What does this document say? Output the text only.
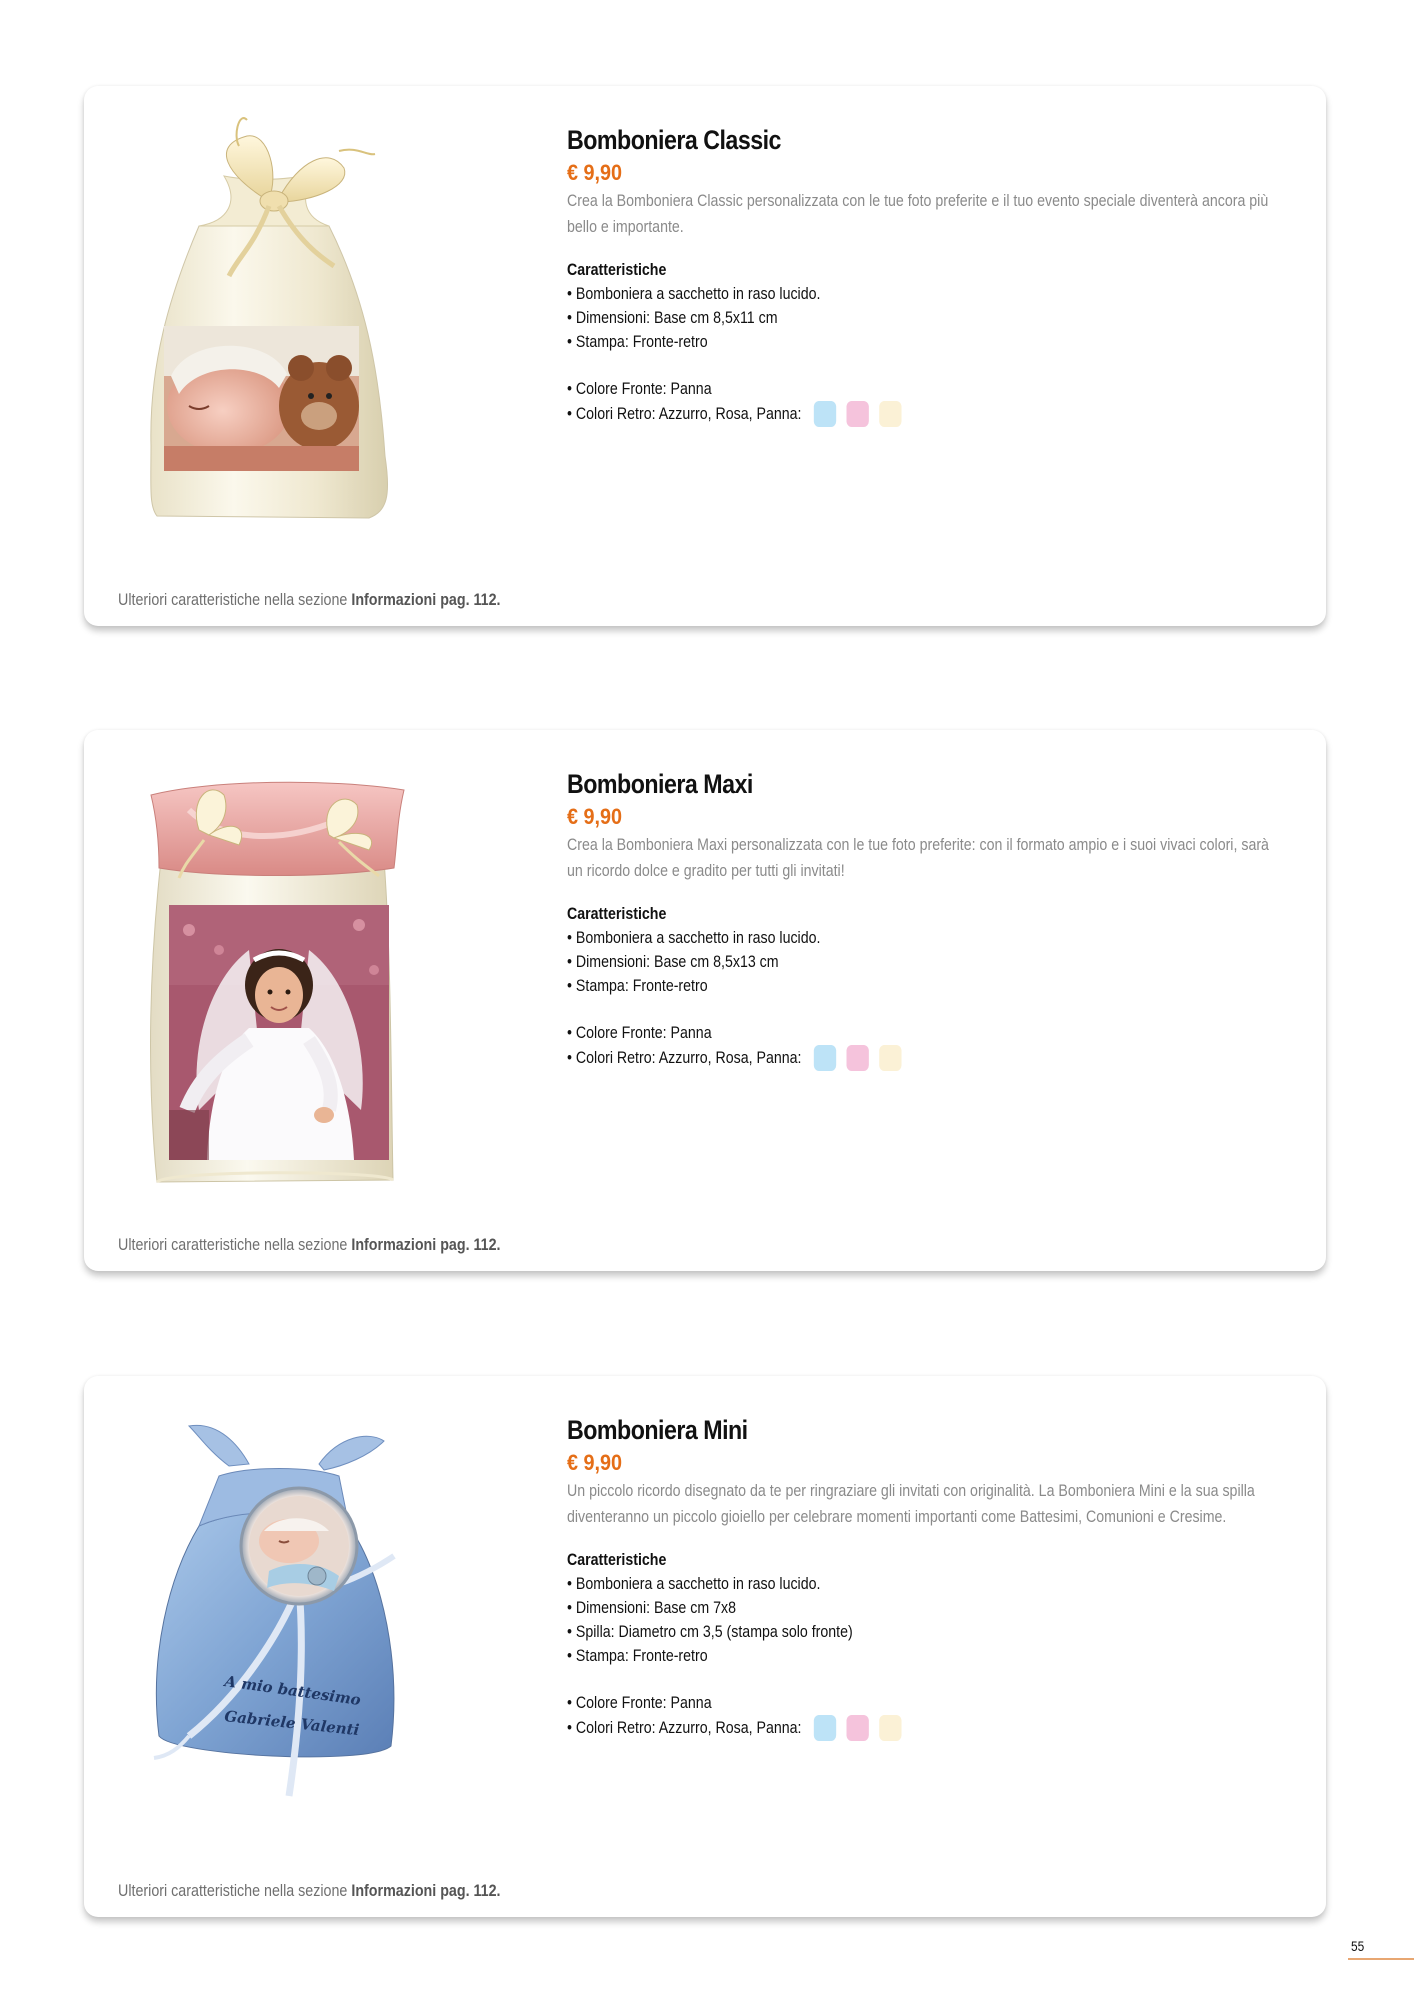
Bomboniera Classic
€ 9,90
Crea la Bomboniera Classic personalizzata con le tue foto preferite e il tuo evento speciale diventerà ancora più bello e importante.
Caratteristiche
• Bomboniera a sacchetto in raso lucido.
• Dimensioni: Base cm 8,5x11 cm
• Stampa: Fronte-retro
• Colore Fronte: Panna
• Colori Retro: Azzurro, Rosa, Panna:
Ulteriori caratteristiche nella sezione Informazioni pag. 112.
Bomboniera Maxi
€ 9,90
Crea la Bomboniera Maxi personalizzata con le tue foto preferite: con il formato ampio e i suoi vivaci colori, sarà un ricordo dolce e gradito per tutti gli invitati!
Caratteristiche
• Bomboniera a sacchetto in raso lucido.
• Dimensioni: Base cm 8,5x13 cm
• Stampa: Fronte-retro
• Colore Fronte: Panna
• Colori Retro: Azzurro, Rosa, Panna:
Ulteriori caratteristiche nella sezione Informazioni pag. 112.
A mio battesimo
Gabriele Valenti
Bomboniera Mini
€ 9,90
Un piccolo ricordo disegnato da te per ringraziare gli invitati con originalità. La Bomboniera Mini e la sua spilla diventeranno un piccolo gioiello per celebrare momenti importanti come Battesimi, Comunioni e Cresime.
Caratteristiche
• Bomboniera a sacchetto in raso lucido.
• Dimensioni: Base cm 7x8
• Spilla: Diametro cm 3,5 (stampa solo fronte)
• Stampa: Fronte-retro
• Colore Fronte: Panna
• Colori Retro: Azzurro, Rosa, Panna:
Ulteriori caratteristiche nella sezione Informazioni pag. 112.
55
